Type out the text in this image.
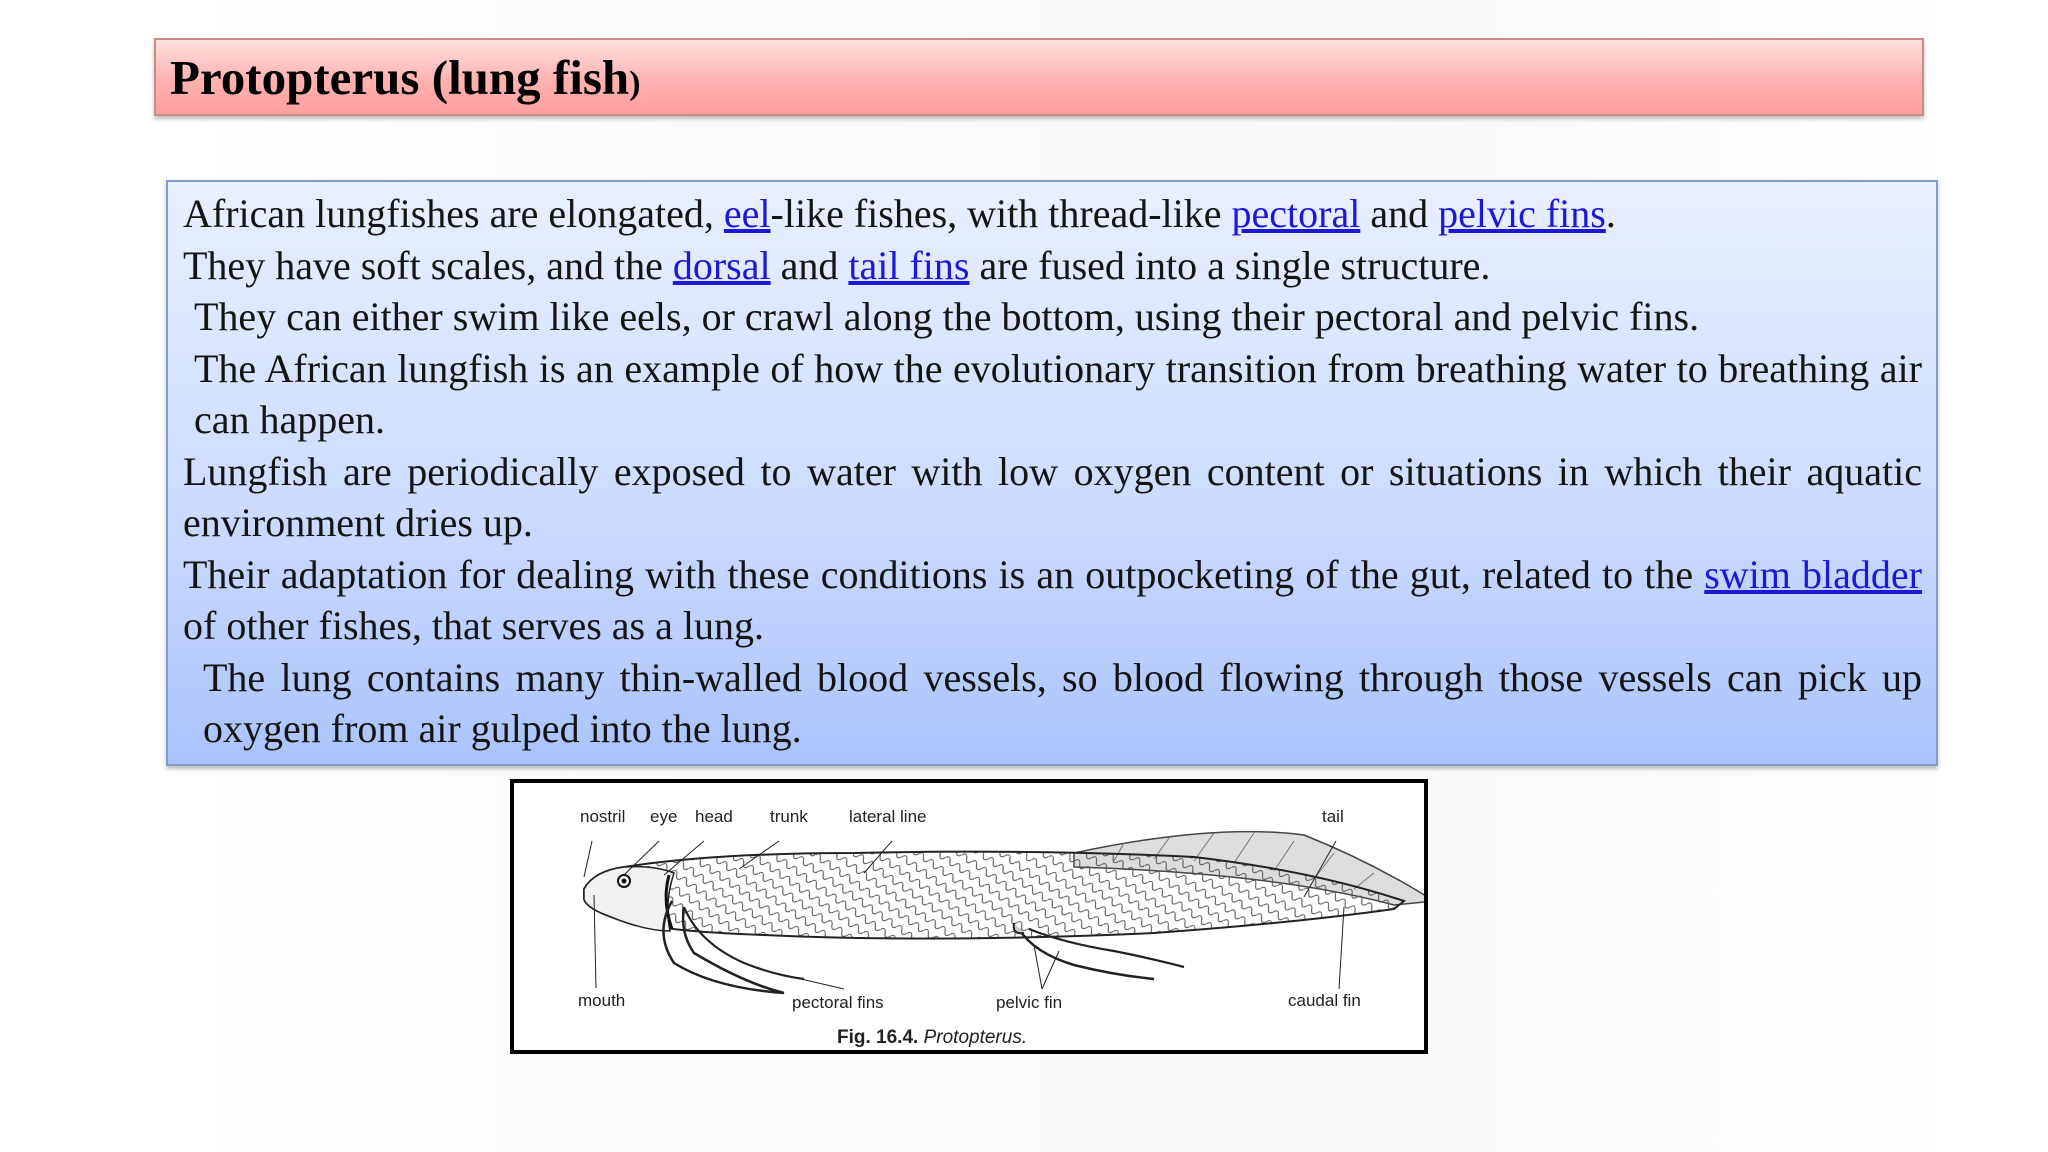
Protopterus (lung fish)

African lungfishes are elongated, eel-like fishes, with thread-like pectoral and pelvic fins.

They have soft scales, and the dorsal and tail fins are fused into a single structure.

They can either swim like eels, or crawl along the bottom, using their pectoral and pelvic fins.

The African lungfish is an example of how the evolutionary transition from breathing water to breathing air can happen.

Lungfish are periodically exposed to water with low oxygen content or situations in which their aquatic environment dries up.

Their adaptation for dealing with these conditions is an outpocketing of the gut, related to the swim bladder of other fishes, that serves as a lung.

The lung contains many thin-walled blood vessels, so blood flowing through those vessels can pick up oxygen from air gulped into the lung.

nostril eye head trunk lateral line	tail
mouth	pectoral fins	pelvic fin	caudal fin
Fig. 16.4. Protopterus.
